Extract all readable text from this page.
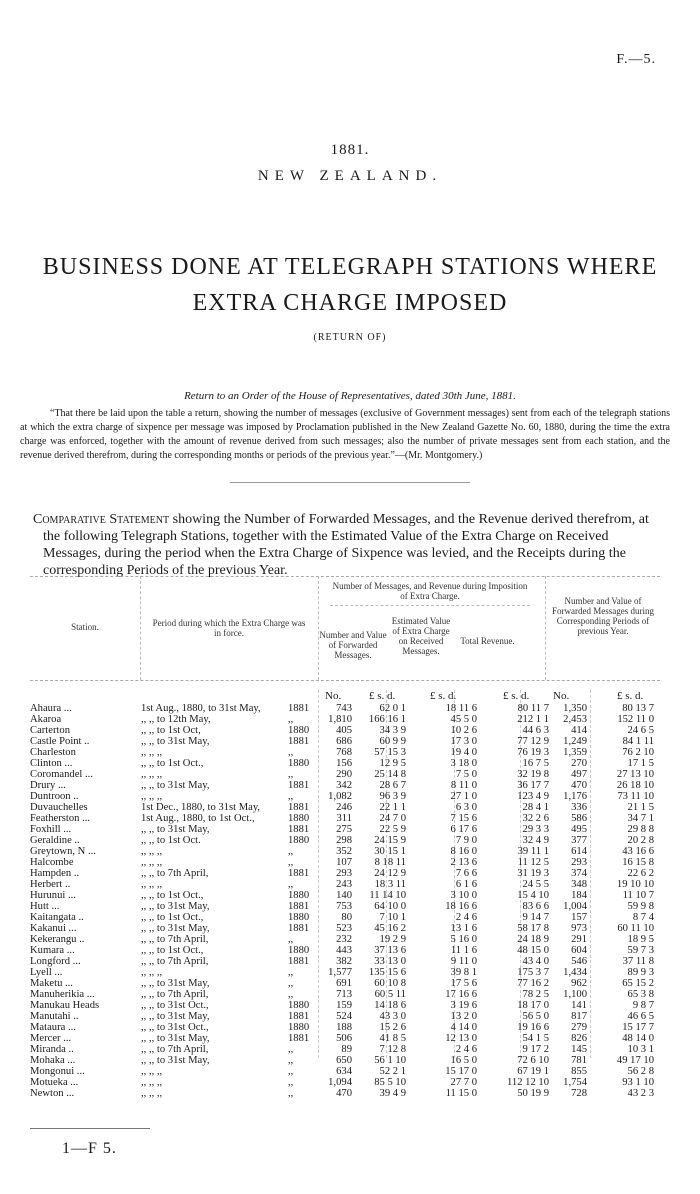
F.—5.
1881.
NEW ZEALAND.
BUSINESS DONE AT TELEGRAPH STATIONS WHERE
EXTRA CHARGE IMPOSED
(RETURN OF)
Return to an Order of the House of Representatives, dated 30th June, 1881.
“That there be laid upon the table a return, showing the number of messages (exclusive of Government messages) sent from each of the telegraph stations at which the extra charge of sixpence per message was imposed by Proclamation published in the New Zealand Gazette No. 60, 1880, during the time the extra charge was enforced, together with the amount of revenue derived from such messages; also the number of private messages sent from each station, and the revenue derived therefrom, during the corresponding months or periods of the previous year.”—(Mr. Montgomery.)
Comparative Statement showing the Number of Forwarded Messages, and the Revenue derived therefrom, at the following Telegraph Stations, together with the Estimated Value of the Extra Charge on Received Messages, during the period when the Extra Charge of Sixpence was levied, and the Receipts during the corresponding Periods of the previous Year.
Station.	Period during which the Extra Charge was in force.
Number of Messages, and Revenue during Imposition of Extra Charge.
Number and Value of Forwarded Messages.
Estimated Value of Extra Charge on Received Messages.
Total Revenue.
Number and Value of Forwarded Messages during Corresponding Periods of previous Year.
No.	£ s. d.	£ s. d.	£ s. d. No.	£ s. d.
Ahaura ...	1st Aug., 1880, to 31st May,	1881	743	62 0 1	18 11 6	80 11 7	1,350	80 13 7
Akaroa	,, ,, to 12th May,	,,	1,810	166 16 1	45 5 0	212 1 1	2,453	152 11 0
Carterton	,, ,, to 1st Oct,	1880	405	34 3 9	10 2 6	44 6 3	414	24 6 5
Castle Point ..	,, ,, to 31st May,	1881	686	60 9 9	17 3 0	77 12 9	1,249	84 1 11
Charleston	,, ,, ,,	,,	768	57 15 3	19 4 0	76 19 3	1,359	76 2 10
Clinton ...	,, ,, to 1st Oct.,	1880	156	12 9 5	3 18 0	16 7 5	270	17 1 5
Coromandel ...	,, ,, ,,	,,	290	25 14 8	7 5 0	32 19 8	497	27 13 10
Drury ...	,, ,, to 31st May,	1881	342	28 6 7	8 11 0	36 17 7	470	26 18 10
Duntroon ..	,, ,, ,,	,,	1,082	96 3 9	27 1 0	123 4 9	1,176	73 11 10
Duvauchelles	1st Dec., 1880, to 31st May,	1881	246	22 1 1	6 3 0	28 4 1	336	21 1 5
Featherston ...	1st Aug., 1880, to 1st Oct.,	1880	311	24 7 0	7 15 6	32 2 6	586	34 7 1
Foxhill ...	,, ,, to 31st May,	1881	275	22 5 9	6 17 6	29 3 3	495	29 8 8
Geraldine ..	,, ,, to 1st Oct.	1880	298	24 15 9	7 9 0	32 4 9	377	20 2 8
Greytown, N ...	,, ,, ,,	,,	352	30 15 1	8 16 0	39 11 1	614	43 16 6
Halcombe	,, ,, ,,	,,	107	8 18 11	2 13 6	11 12 5	293	16 15 8
Hampden ..	,, ,, to 7th April,	1881	293	24 12 9	7 6 6	31 19 3	374	22 6 2
Herbert ..	,, ,, ,,	,,	243	18 3 11	6 1 6	24 5 5	348	19 10 10
Hurunui ...	,, ,, to 1st Oct.,	1880	140	11 14 10	3 10 0	15 4 10	184	11 10 7
Hutt ...	,, ,, to 31st May,	1881	753	64 10 0	18 16 6	83 6 6	1,004	59 9 8
Kaitangata ..	,, ,, to 1st Oct.,	1880	80	7 10 1	2 4 6	9 14 7	157	8 7 4
Kakanui ...	,, ,, to 31st May,	1881	523	45 16 2	13 1 6	58 17 8	973	60 11 10
Kekerangu ..	,, ,, to 7th April,	,,	232	19 2 9	5 16 0	24 18 9	291	18 9 5
Kumara ...	,, ,, to 1st Oct.,	1880	443	37 13 6	11 1 6	48 15 0	604	59 7 3
Longford ...	,, ,, to 7th April,	1881	382	33 13 0	9 11 0	43 4 0	546	37 11 8
Lyell ...	,, ,, ,,	,,	1,577	135 15 6	39 8 1	175 3 7	1,434	89 9 3
Maketu ...	,, ,, to 31st May,	,,	691	60 10 8	17 5 6	77 16 2	962	65 15 2
Manuherikia ...	,, ,, to 7th April,	,,	713	60 5 11	17 16 6	78 2 5	1,100	65 3 8
Manukau Heads	,, ,, to 31st Oct.,	1880	159	14 18 6	3 19 6	18 17 0	141	9 8 7
Manutahi ..	,, ,, to 31st May,	1881	524	43 3 0	13 2 0	56 5 0	817	46 6 5
Mataura ...	,, ,, to 31st Oct.,	1880	188	15 2 6	4 14 0	19 16 6	279	15 17 7
Mercer ...	,, ,, to 31st May,	1881	506	41 8 5	12 13 0	54 1 5	826	48 14 0
Miranda ..	,, ,, to 7th April,	,,	89	7 12 8	2 4 6	9 17 2	145	10 3 1
Mohaka ...	,, ,, to 31st May,	,,	650	56 1 10	16 5 0	72 6 10	781	49 17 10
Mongonui ...	,, ,, ,,	,,	634	52 2 1	15 17 0	67 19 1	855	56 2 8
Motueka ...	,, ,, ,,	,,	1,094	85 5 10	27 7 0	112 12 10	1,754	93 1 10
Newton ...	,, ,, ,,	,,	470	39 4 9	11 15 0	50 19 9	728	43 2 3
1—F 5.
